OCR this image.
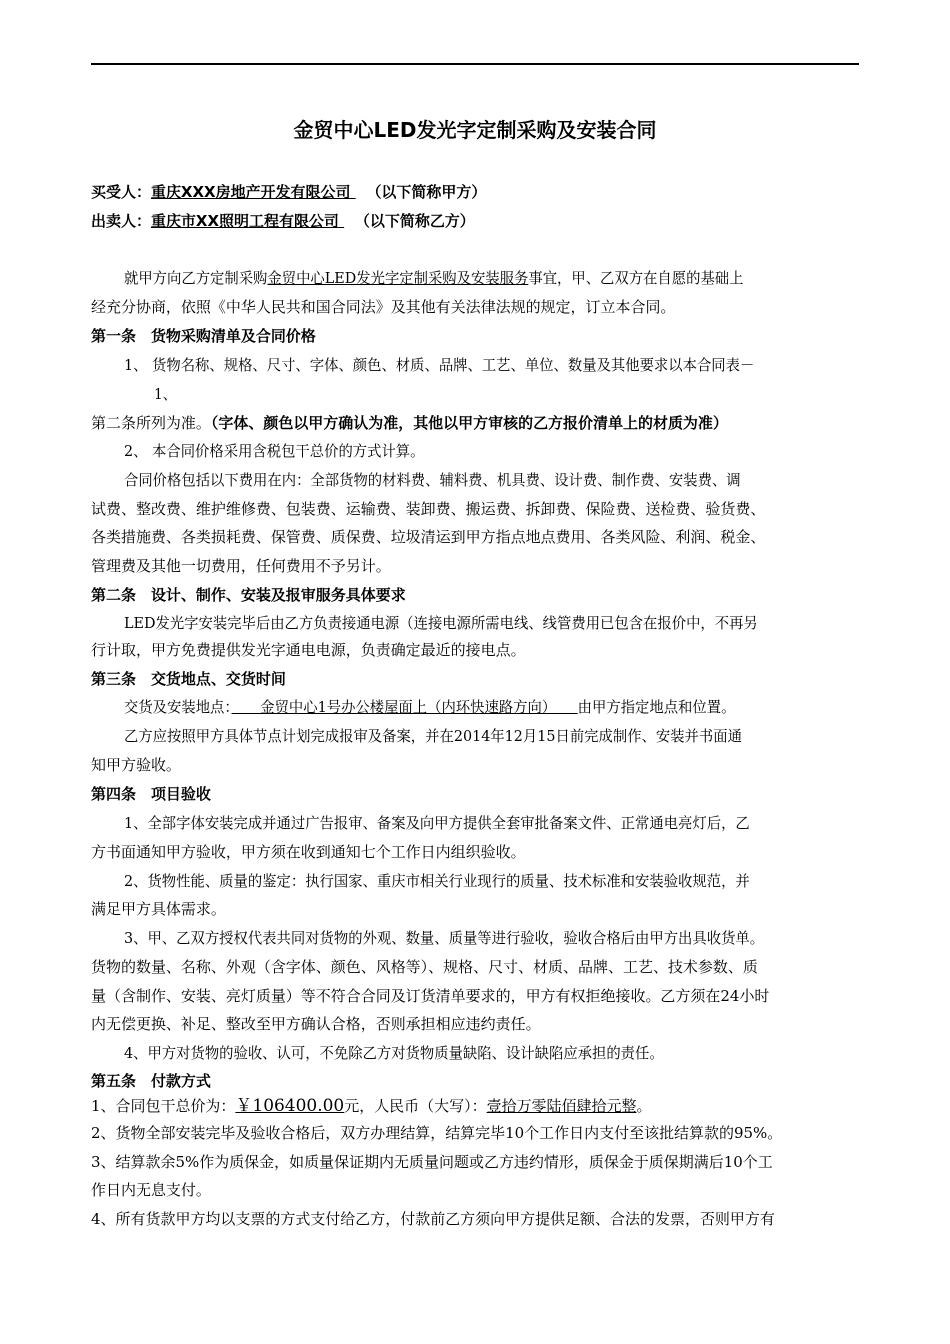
金贸中心LED发光字定制采购及安装合同
买受人：重庆XXX房地产开发有限公司 （以下简称甲方）
出卖人：重庆市XX照明工程有限公司 （以下简称乙方）
就甲方向乙方定制采购金贸中心LED发光字定制采购及安装服务事宜，甲、乙双方在自愿的基础上
经充分协商，依照《中华人民共和国合同法》及其他有关法律法规的规定，订立本合同。
第一条　货物采购清单及合同价格
1、 货物名称、规格、尺寸、字体、颜色、材质、品牌、工艺、单位、数量及其他要求以本合同表－
1、
第二条所列为准。（字体、颜色以甲方确认为准，其他以甲方审核的乙方报价清单上的材质为准）
2、 本合同价格采用含税包干总价的方式计算。
合同价格包括以下费用在内：全部货物的材料费、辅料费、机具费、设计费、制作费、安装费、调
试费、整改费、维护维修费、包装费、运输费、装卸费、搬运费、拆卸费、保险费、送检费、验货费、
各类措施费、各类损耗费、保管费、质保费、垃圾清运到甲方指点地点费用、各类风险、利润、税金、
管理费及其他一切费用，任何费用不予另计。
第二条　设计、制作、安装及报审服务具体要求
LED发光字安装完毕后由乙方负责接通电源（连接电源所需电线、线管费用已包含在报价中，不再另
行计取，甲方免费提供发光字通电电源，负责确定最近的接电点。
第三条　交货地点、交货时间
交货及安装地点：　　金贸中心1号办公楼屋面上（内环快速路方向）　　由甲方指定地点和位置。
乙方应按照甲方具体节点计划完成报审及备案，并在2014年12月15日前完成制作、安装并书面通
知甲方验收。
第四条　项目验收
1、全部字体安装完成并通过广告报审、备案及向甲方提供全套审批备案文件、正常通电亮灯后，乙
方书面通知甲方验收，甲方须在收到通知七个工作日内组织验收。
2、货物性能、质量的鉴定：执行国家、重庆市相关行业现行的质量、技术标准和安装验收规范，并
满足甲方具体需求。
3、甲、乙双方授权代表共同对货物的外观、数量、质量等进行验收，验收合格后由甲方出具收货单。
货物的数量、名称、外观（含字体、颜色、风格等）、规格、尺寸、材质、品牌、工艺、技术参数、质
量（含制作、安装、亮灯质量）等不符合合同及订货清单要求的，甲方有权拒绝接收。乙方须在24小时
内无偿更换、补足、整改至甲方确认合格，否则承担相应违约责任。
4、甲方对货物的验收、认可，不免除乙方对货物质量缺陷、设计缺陷应承担的责任。
第五条　付款方式
1、合同包干总价为：￥106400.00元，人民币（大写）：壹拾万零陆佰肆拾元整。
2、货物全部安装完毕及验收合格后，双方办理结算，结算完毕10个工作日内支付至该批结算款的95%。
3、结算款余5%作为质保金，如质量保证期内无质量问题或乙方违约情形，质保金于质保期满后10个工
作日内无息支付。
4、所有货款甲方均以支票的方式支付给乙方，付款前乙方须向甲方提供足额、合法的发票，否则甲方有
